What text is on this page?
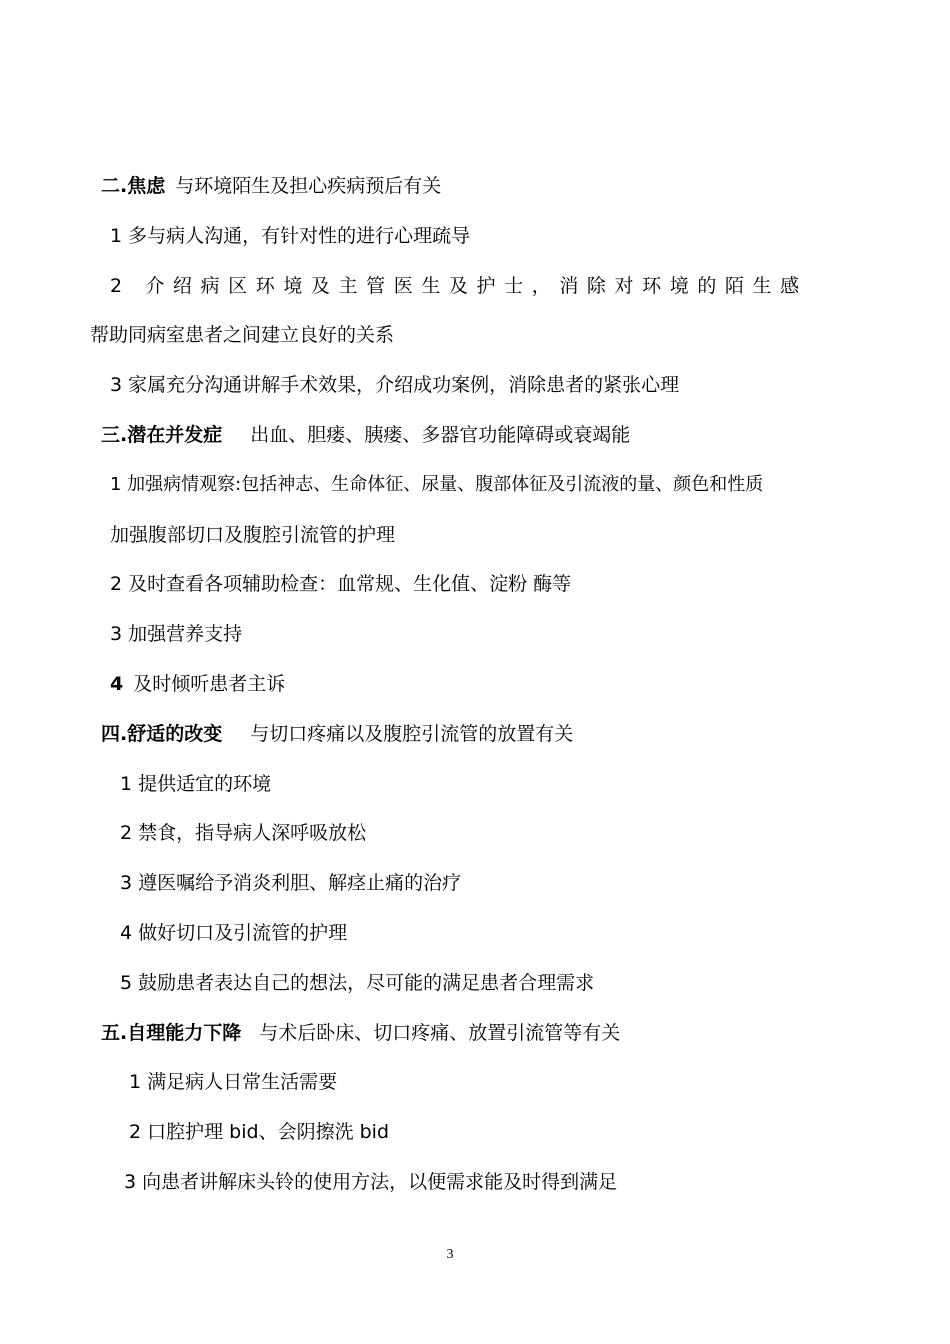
二.焦虑 与环境陌生及担心疾病预后有关
1 多与病人沟通，有针对性的进行心理疏导
2 介绍病区环境及主管医生及护士，消除对环境的陌生感
帮助同病室患者之间建立良好的关系
3 家属充分沟通讲解手术效果，介绍成功案例，消除患者的紧张心理
三.潜在并发症 出血、胆瘘、胰瘘、多器官功能障碍或衰竭能
1 加强病情观察:包括神志、生命体征、尿量、腹部体征及引流液的量、颜色和性质
加强腹部切口及腹腔引流管的护理
2 及时查看各项辅助检查：血常规、生化值、淀粉 酶等
3 加强营养支持
4 及时倾听患者主诉
四.舒适的改变 与切口疼痛以及腹腔引流管的放置有关
1 提供适宜的环境
2 禁食，指导病人深呼吸放松
3 遵医嘱给予消炎利胆、解痉止痛的治疗
4 做好切口及引流管的护理
5 鼓励患者表达自己的想法，尽可能的满足患者合理需求
五.自理能力下降 与术后卧床、切口疼痛、放置引流管等有关
1 满足病人日常生活需要
2 口腔护理 bid、会阴擦洗 bid
3 向患者讲解床头铃的使用方法，以便需求能及时得到满足
3
